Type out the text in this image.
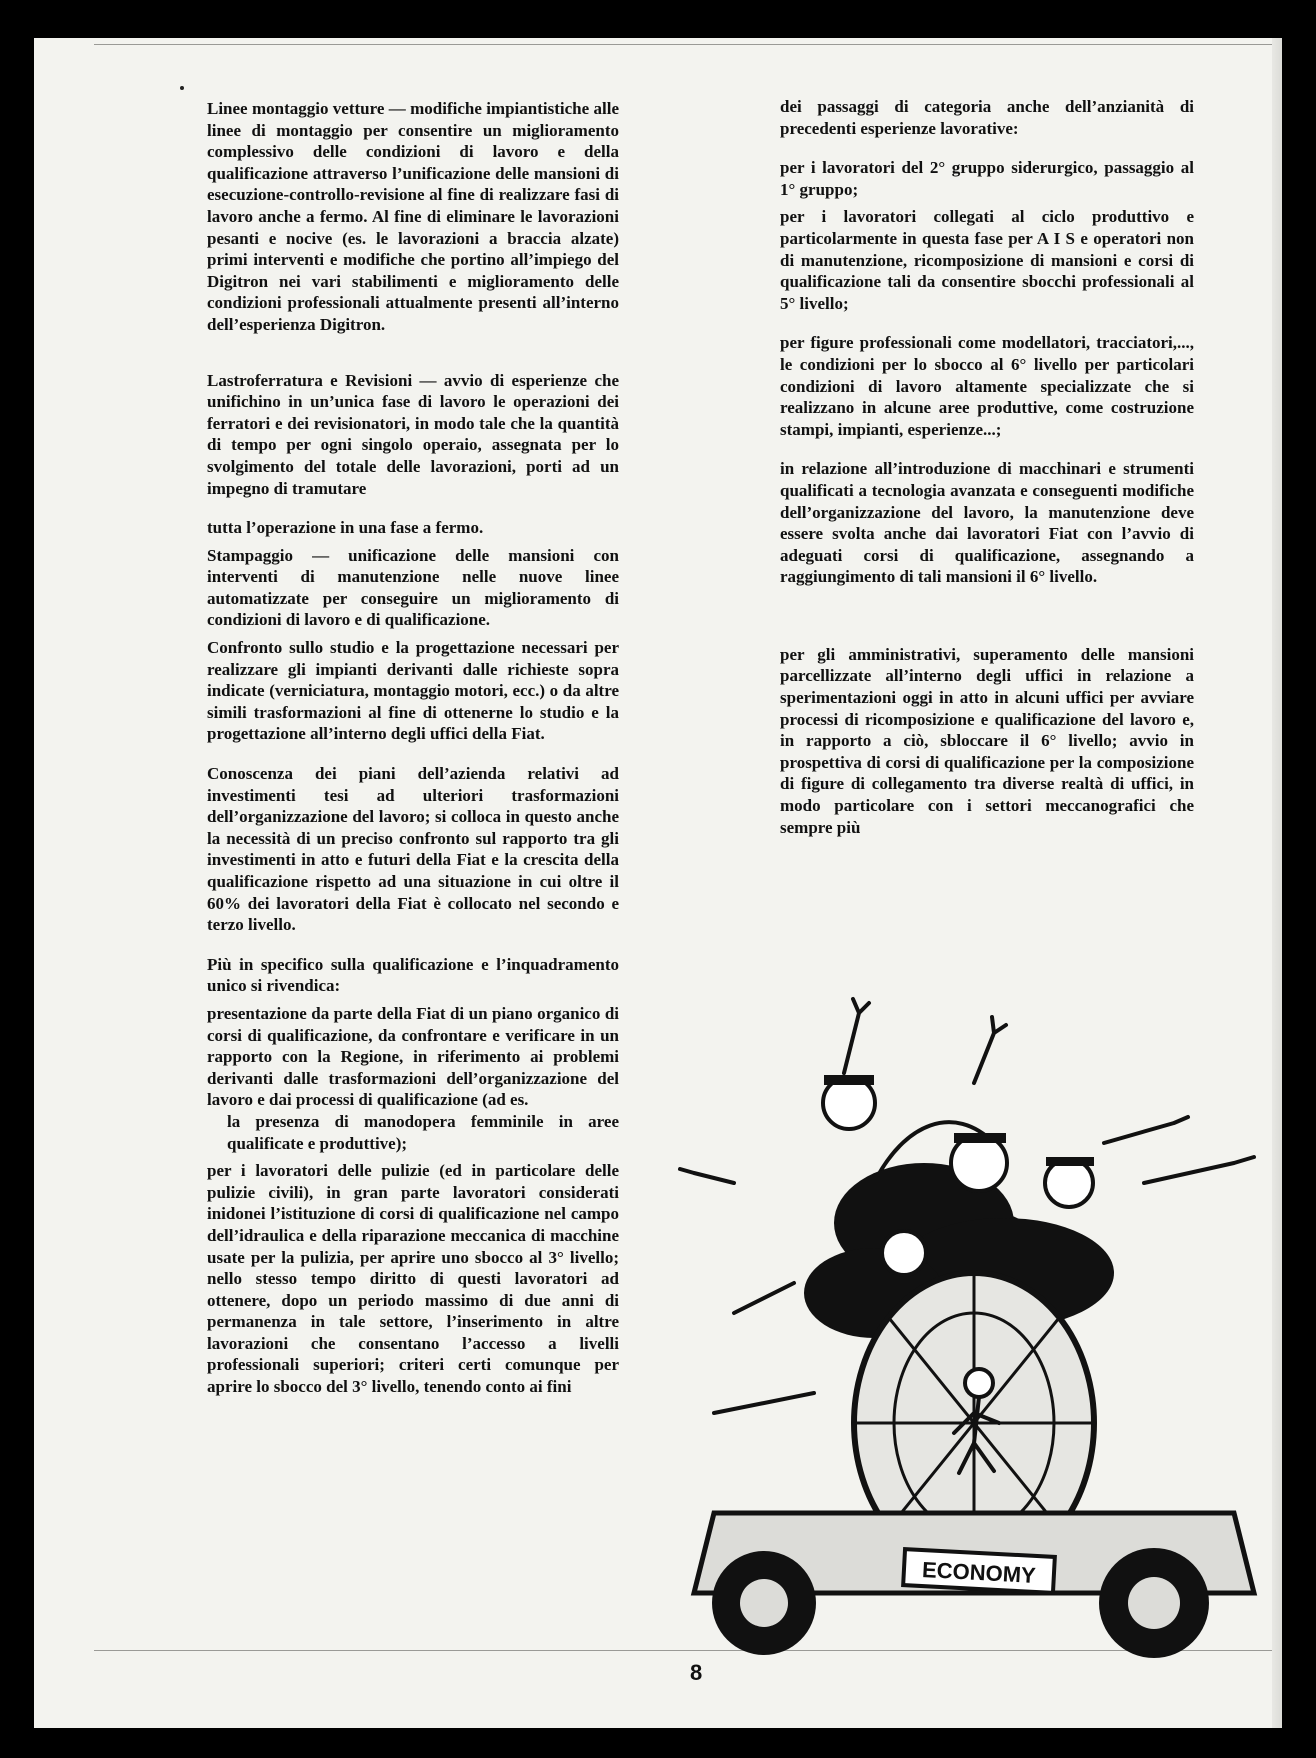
Linee montaggio vetture — modifiche impiantistiche alle linee di montaggio per consentire un miglioramento complessivo delle condizioni di lavoro e della qualificazione attraverso l’unificazione delle mansioni di esecuzione-controllo-revisione al fine di realizzare fasi di lavoro anche a fermo. Al fine di eliminare le lavorazioni pesanti e nocive (es. le lavorazioni a braccia alzate) primi interventi e modifiche che portino all’impiego del Digitron nei vari stabilimenti e miglioramento delle condizioni professionali attualmente presenti all’interno dell’esperienza Digitron.

Lastroferratura e Revisioni — avvio di esperienze che unifichino in un’unica fase di lavoro le operazioni dei ferratori e dei revisionatori, in modo tale che la quantità di tempo per ogni singolo operaio, assegnata per lo svolgimento del totale delle lavorazioni, porti ad un impegno di tramutare

tutta l’operazione in una fase a fermo.

Stampaggio — unificazione delle mansioni con interventi di manutenzione nelle nuove linee automatizzate per conseguire un miglioramento di condizioni di lavoro e di qualificazione.

Confronto sullo studio e la progettazione necessari per realizzare gli impianti derivanti dalle richieste sopra indicate (verniciatura, montaggio motori, ecc.) o da altre simili trasformazioni al fine di ottenerne lo studio e la progettazione all’interno degli uffici della Fiat.

Conoscenza dei piani dell’azienda relativi ad investimenti tesi ad ulteriori trasformazioni dell’organizzazione del lavoro; si colloca in questo anche la necessità di un preciso confronto sul rapporto tra gli investimenti in atto e futuri della Fiat e la crescita della qualificazione rispetto ad una situazione in cui oltre il 60% dei lavoratori della Fiat è collocato nel secondo e terzo livello.

Più in specifico sulla qualificazione e l’inquadramento unico si rivendica:

presentazione da parte della Fiat di un piano organico di corsi di qualificazione, da confrontare e verificare in un rapporto con la Regione, in riferimento ai problemi derivanti dalle trasformazioni dell’organizzazione del lavoro e dai processi di qualificazione (ad es.

la presenza di manodopera femminile in aree qualificate e produttive);

per i lavoratori delle pulizie (ed in particolare delle pulizie civili), in gran parte lavoratori considerati inidonei l’istituzione di corsi di qualificazione nel campo dell’idraulica e della riparazione meccanica di macchine usate per la pulizia, per aprire uno sbocco al 3° livello; nello stesso tempo diritto di questi lavoratori ad ottenere, dopo un periodo massimo di due anni di permanenza in tale settore, l’inserimento in altre lavorazioni che consentano l’accesso a livelli professionali superiori; criteri certi comunque per aprire lo sbocco del 3° livello, tenendo conto ai fini

dei passaggi di categoria anche dell’anzianità di precedenti esperienze lavorative:

per i lavoratori del 2° gruppo siderurgico, passaggio al 1° gruppo;

per i lavoratori collegati al ciclo produttivo e particolarmente in questa fase per A I S e operatori non di manutenzione, ricomposizione di mansioni e corsi di qualificazione tali da consentire sbocchi professionali al 5° livello;

per figure professionali come modellatori, tracciatori,..., le condizioni per lo sbocco al 6° livello per particolari condizioni di lavoro altamente specializzate che si realizzano in alcune aree produttive, come costruzione stampi, impianti, esperienze...;

in relazione all’introduzione di macchinari e strumenti qualificati a tecnologia avanzata e conseguenti modifiche dell’organizzazione del lavoro, la manutenzione deve essere svolta anche dai lavoratori Fiat con l’avvio di adeguati corsi di qualificazione, assegnando a raggiungimento di tali mansioni il 6° livello.

per gli amministrativi, superamento delle mansioni parcellizzate all’interno degli uffici in relazione a sperimentazioni oggi in atto in alcuni uffici per avviare processi di ricomposizione e qualificazione del lavoro e, in rapporto a ciò, sbloccare il 6° livello; avvio in prospettiva di corsi di qualificazione per la composizione di figure di collegamento tra diverse realtà di uffici, in modo particolare con i settori meccanografici che sempre più

ECONOMY
8
